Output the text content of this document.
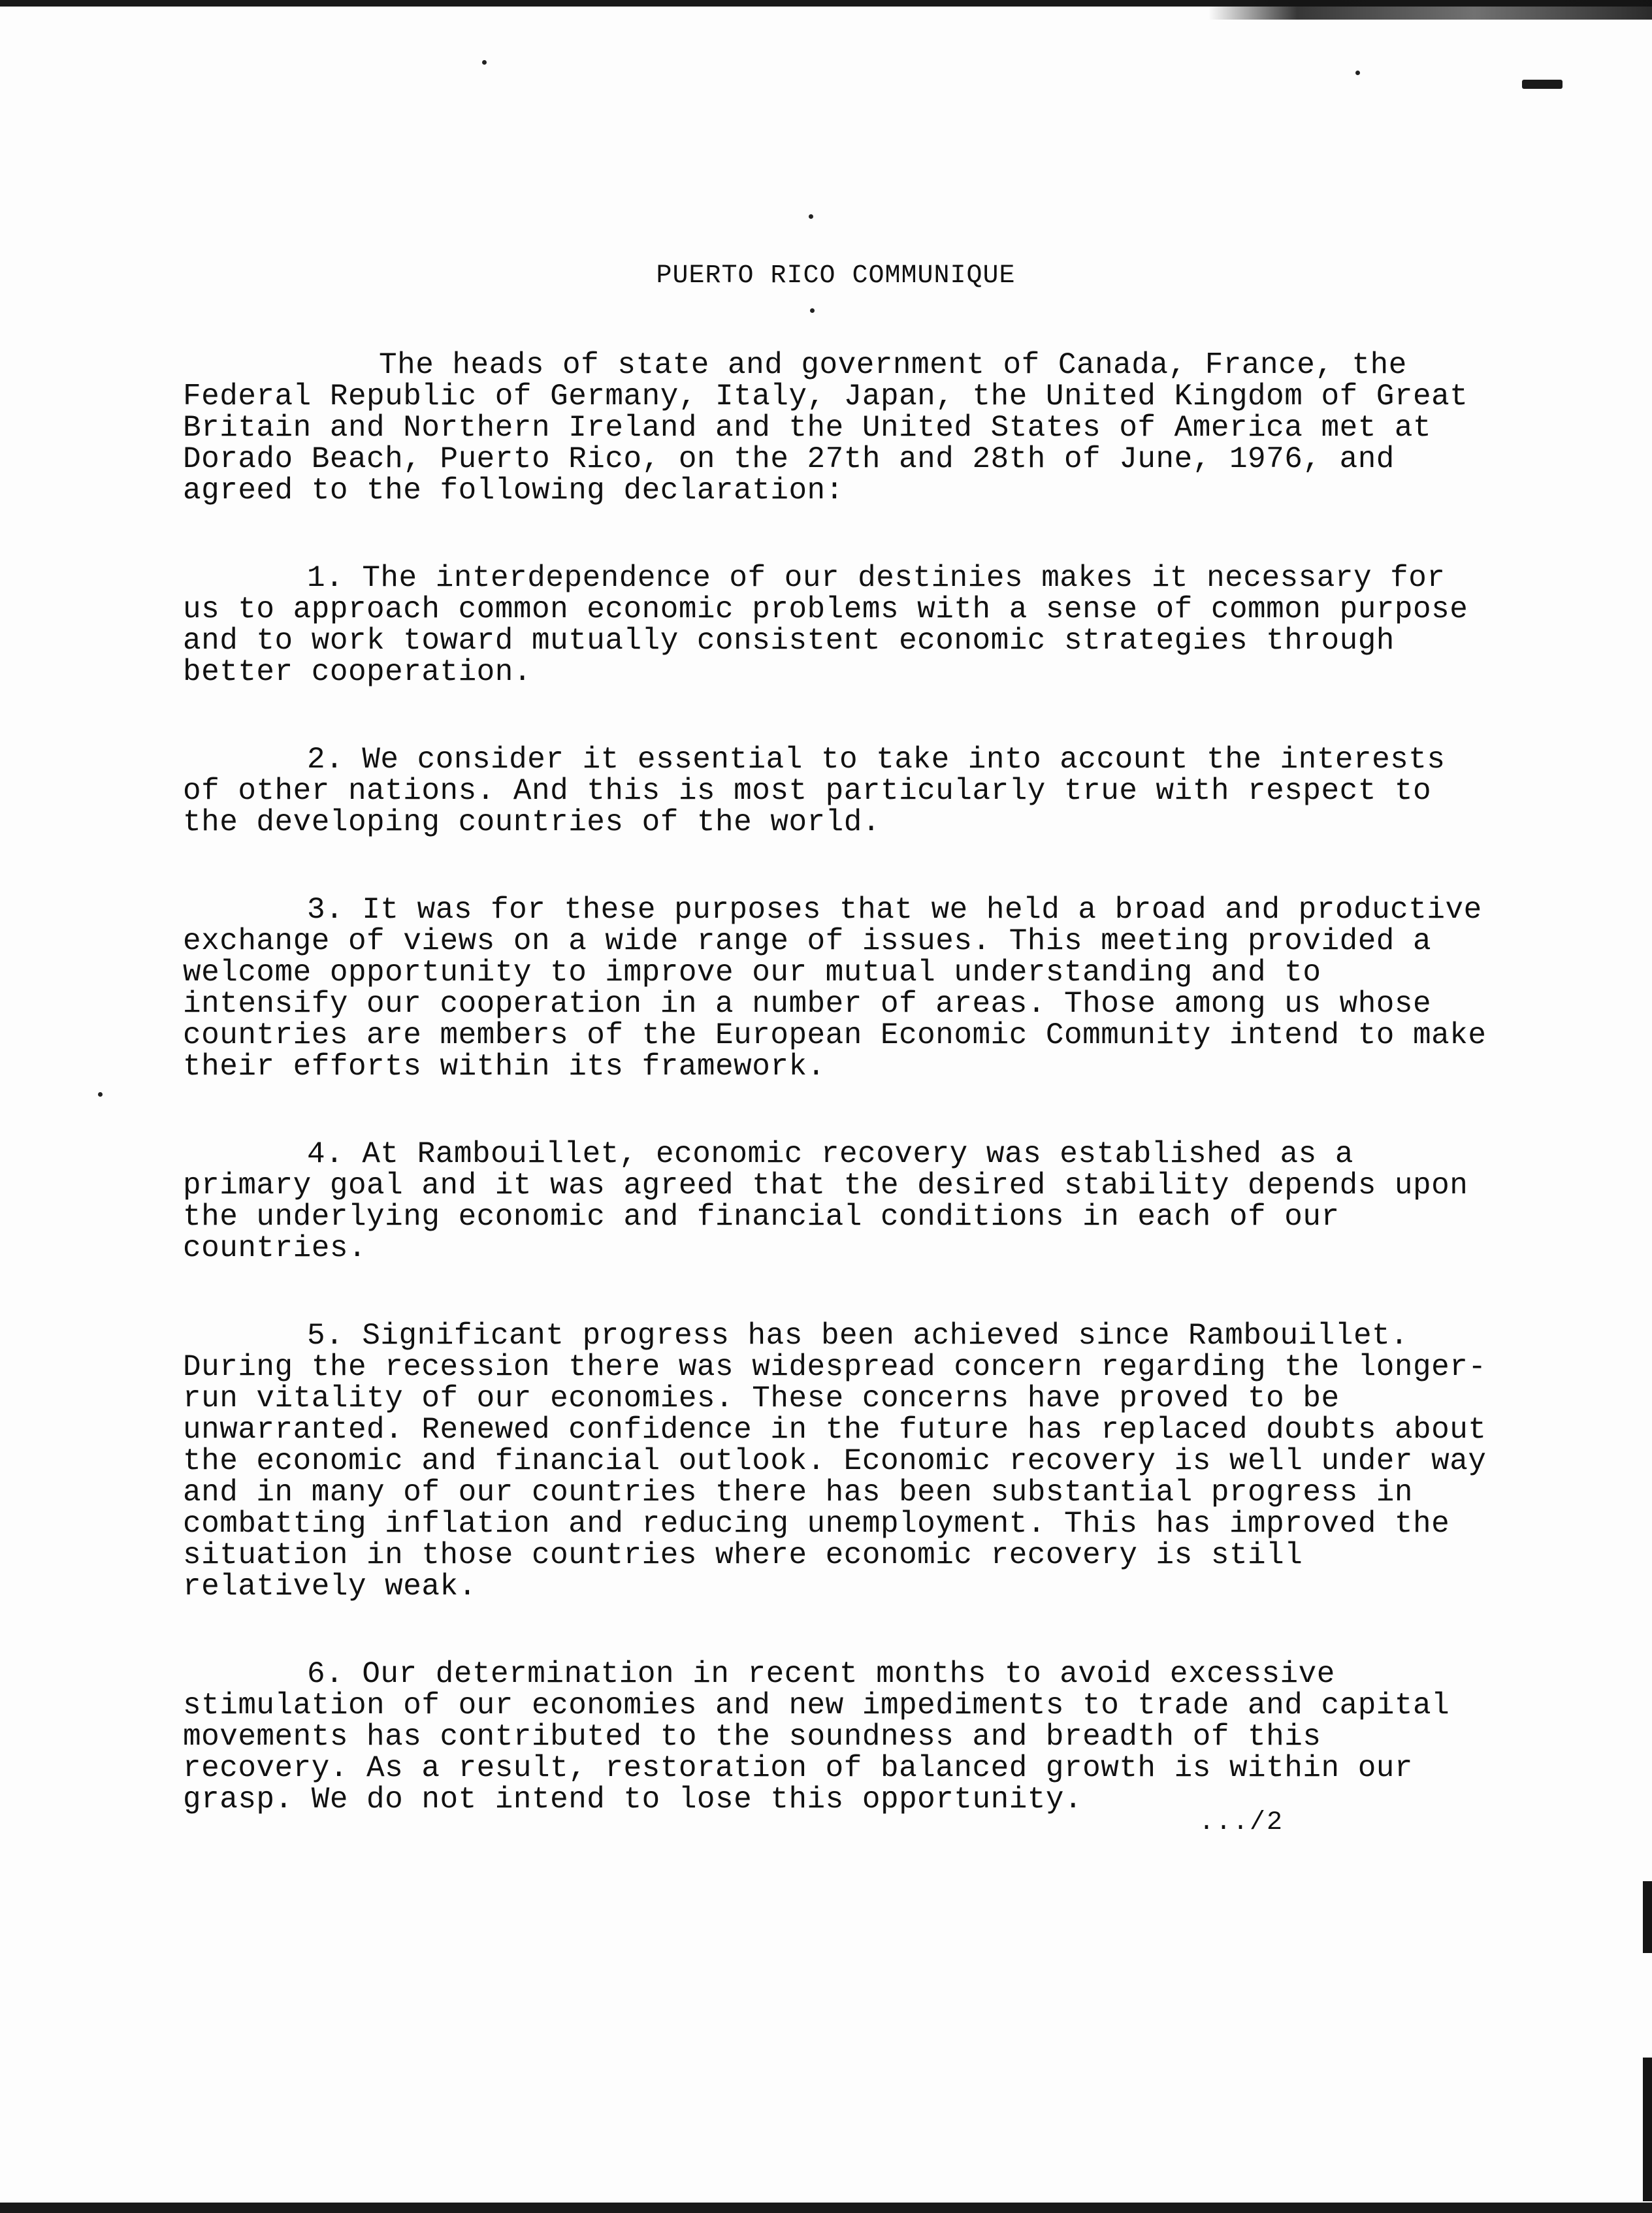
PUERTO RICO COMMUNIQUE

The heads of state and government of Canada, France, the Federal Republic of Germany, Italy, Japan, the United Kingdom of Great Britain and Northern Ireland and the United States of America met at Dorado Beach, Puerto Rico, on the 27th and 28th of June, 1976, and agreed to the following declaration:

1. The interdependence of our destinies makes it necessary for us to approach common economic problems with a sense of common purpose and to work toward mutually consistent economic strategies through better cooperation.

2. We consider it essential to take into account the interests of other nations. And this is most particularly true with respect to the developing countries of the world.

3. It was for these purposes that we held a broad and productive exchange of views on a wide range of issues. This meeting provided a welcome opportunity to improve our mutual understanding and to intensify our cooperation in a number of areas. Those among us whose countries are members of the European Economic Community intend to make their efforts within its framework.

4. At Rambouillet, economic recovery was established as a primary goal and it was agreed that the desired stability depends upon the underlying economic and financial conditions in each of our countries.

5. Significant progress has been achieved since Rambouillet. During the recession there was widespread concern regarding the longer-run vitality of our economies. These concerns have proved to be unwarranted. Renewed confidence in the future has replaced doubts about the economic and financial outlook. Economic recovery is well under way and in many of our countries there has been substantial progress in combatting inflation and reducing unemployment. This has improved the situation in those countries where economic recovery is still relatively weak.

6. Our determination in recent months to avoid excessive stimulation of our economies and new impediments to trade and capital movements has contributed to the soundness and breadth of this recovery. As a result, restoration of balanced growth is within our grasp. We do not intend to lose this opportunity.

.../2
